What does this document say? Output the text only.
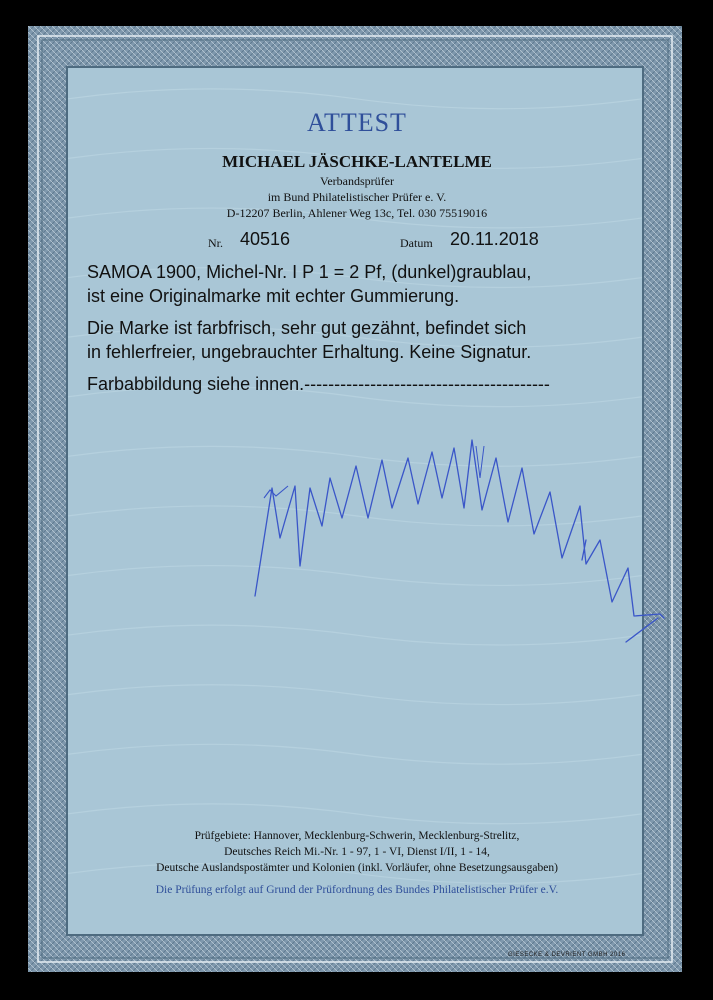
ATTEST
MICHAEL JÄSCHKE-LANTELME
Verbandsprüfer
im Bund Philatelistischer Prüfer e. V.
D-12207 Berlin, Ahlener Weg 13c, Tel. 030 75519016
Nr. 40516	Datum 20.11.2018
SAMOA 1900, Michel-Nr. I P 1 = 2 Pf, (dunkel)graublau,
ist eine Originalmarke mit echter Gummierung.
Die Marke ist farbfrisch, sehr gut gezähnt, befindet sich
in fehlerfreier, ungebrauchter Erhaltung. Keine Signatur.
Farbabbildung siehe innen.-----------------------------------------
Prüfgebiete: Hannover, Mecklenburg-Schwerin, Mecklenburg-Strelitz,
Deutsches Reich Mi.-Nr. 1 - 97, 1 - VI, Dienst I/II, 1 - 14,
Deutsche Auslandspostämter und Kolonien (inkl. Vorläufer, ohne Besetzungsausgaben)
Die Prüfung erfolgt auf Grund der Prüfordnung des Bundes Philatelistischer Prüfer e.V.
GIESECKE & DEVRIENT GMBH 2016
